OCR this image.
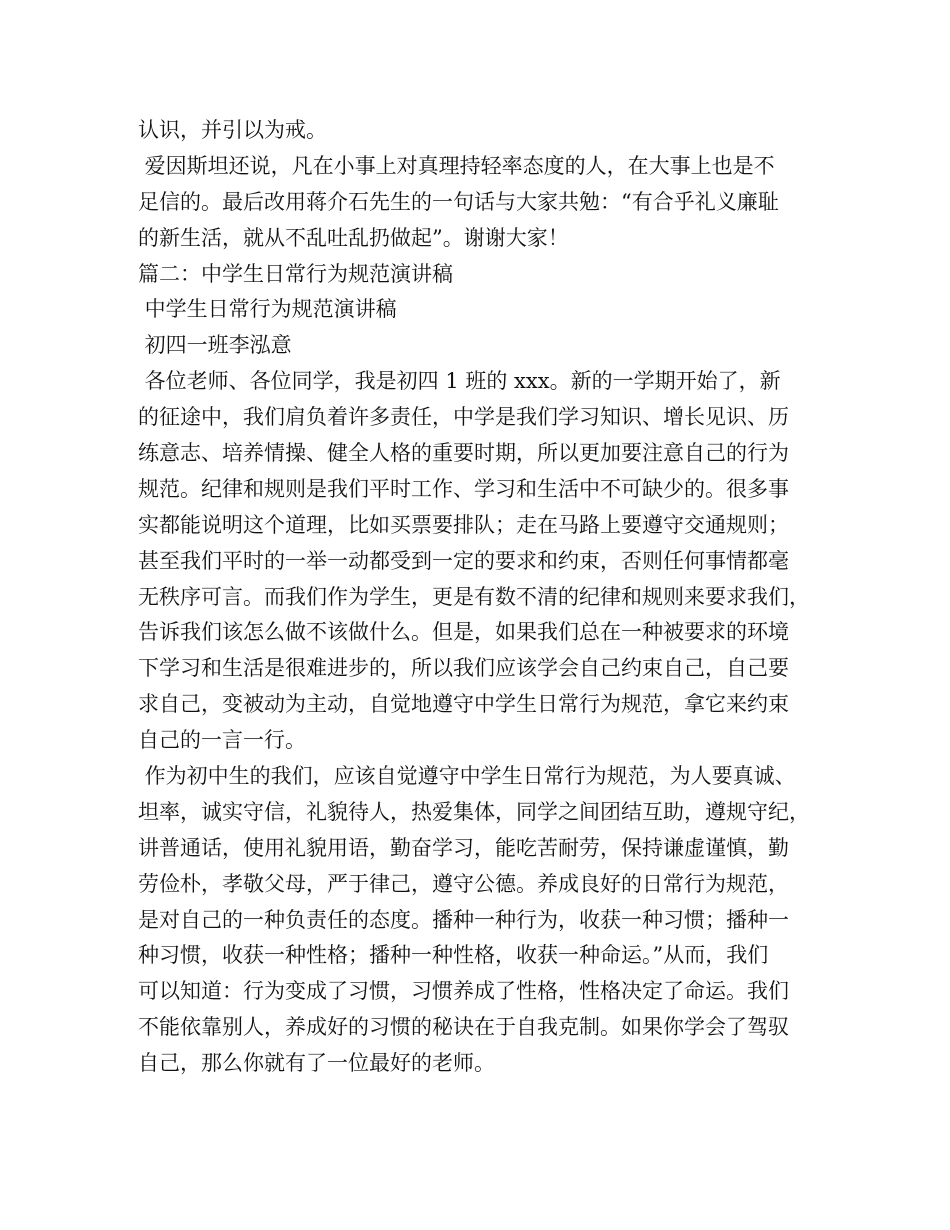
认识，并引以为戒。
爱因斯坦还说，凡在小事上对真理持轻率态度的人，在大事上也是不
足信的。最后改用蒋介石先生的一句话与大家共勉：“有合乎礼义廉耻
的新生活，就从不乱吐乱扔做起”。谢谢大家！
篇二：中学生日常行为规范演讲稿
中学生日常行为规范演讲稿
初四一班李泓意
各位老师、各位同学，我是初四 1 班的 xxx。新的一学期开始了，新
的征途中，我们肩负着许多责任，中学是我们学习知识、增长见识、历
练意志、培养情操、健全人格的重要时期，所以更加要注意自己的行为
规范。纪律和规则是我们平时工作、学习和生活中不可缺少的。很多事
实都能说明这个道理，比如买票要排队；走在马路上要遵守交通规则；
甚至我们平时的一举一动都受到一定的要求和约束，否则任何事情都毫
无秩序可言。而我们作为学生，更是有数不清的纪律和规则来要求我们，
告诉我们该怎么做不该做什么。但是，如果我们总在一种被要求的环境
下学习和生活是很难进步的，所以我们应该学会自己约束自己，自己要
求自己，变被动为主动，自觉地遵守中学生日常行为规范，拿它来约束
自己的一言一行。
作为初中生的我们，应该自觉遵守中学生日常行为规范，为人要真诚、
坦率，诚实守信，礼貌待人，热爱集体，同学之间团结互助，遵规守纪，
讲普通话，使用礼貌用语，勤奋学习，能吃苦耐劳，保持谦虚谨慎，勤
劳俭朴，孝敬父母，严于律己，遵守公德。养成良好的日常行为规范，
是对自己的一种负责任的态度。播种一种行为，收获一种习惯；播种一
种习惯，收获一种性格；播种一种性格，收获一种命运。”从而，我们
可以知道：行为变成了习惯，习惯养成了性格，性格决定了命运。我们
不能依靠别人，养成好的习惯的秘诀在于自我克制。如果你学会了驾驭
自己，那么你就有了一位最好的老师。
